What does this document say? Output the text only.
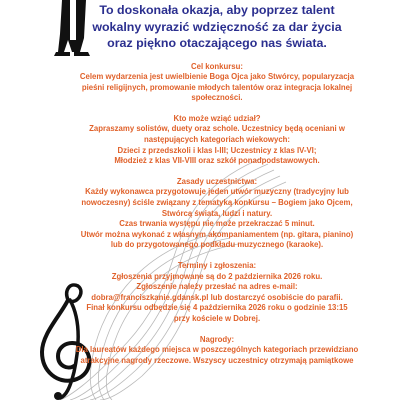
To doskonała okazja, aby poprzez talent
wokalny wyrazić wdzięczność za dar życia
oraz piękno otaczającego nas świata.
Cel konkursu:
Celem wydarzenia jest uwielbienie Boga Ojca jako Stwórcy, popularyzacja
pieśni religijnych, promowanie młodych talentów oraz integracja lokalnej
społeczności.
Kto może wziąć udział?
Zapraszamy solistów, duety oraz schole. Uczestnicy będą oceniani w
następujących kategoriach wiekowych:
Dzieci z przedszkoli i klas I-III; Uczestnicy z klas IV-VI;
Młodzież z klas VII-VIII oraz szkół ponadpodstawowych.
Zasady uczestnictwa:
Każdy wykonawca przygotowuje jeden utwór muzyczny (tradycyjny lub
nowoczesny) ściśle związany z tematyką konkursu – Bogiem jako Ojcem,
Stwórcą świata, ludzi i natury.
Czas trwania występu nie może przekraczać 5 minut.
Utwór można wykonać z własnym akompaniamentem (np. gitara, pianino)
lub do przygotowanego podkładu muzycznego (karaoke).
Terminy i zgłoszenia:
Zgłoszenia przyjmowane są do 2 października 2026 roku.
Zgłoszenie należy przesłać na adres e-mail:
dobra@franciszkanie.gdansk.pl lub dostarczyć osobiście do parafii.
Finał konkursu odbędzie się 4 października 2026 roku o godzinie 13:15
przy kościele w Dobrej.
Nagrody:
Dla laureatów każdego miejsca w poszczególnych kategoriach przewidziano
atrakcyjne nagrody rzeczowe. Wszyscy uczestnicy otrzymają pamiątkowe
